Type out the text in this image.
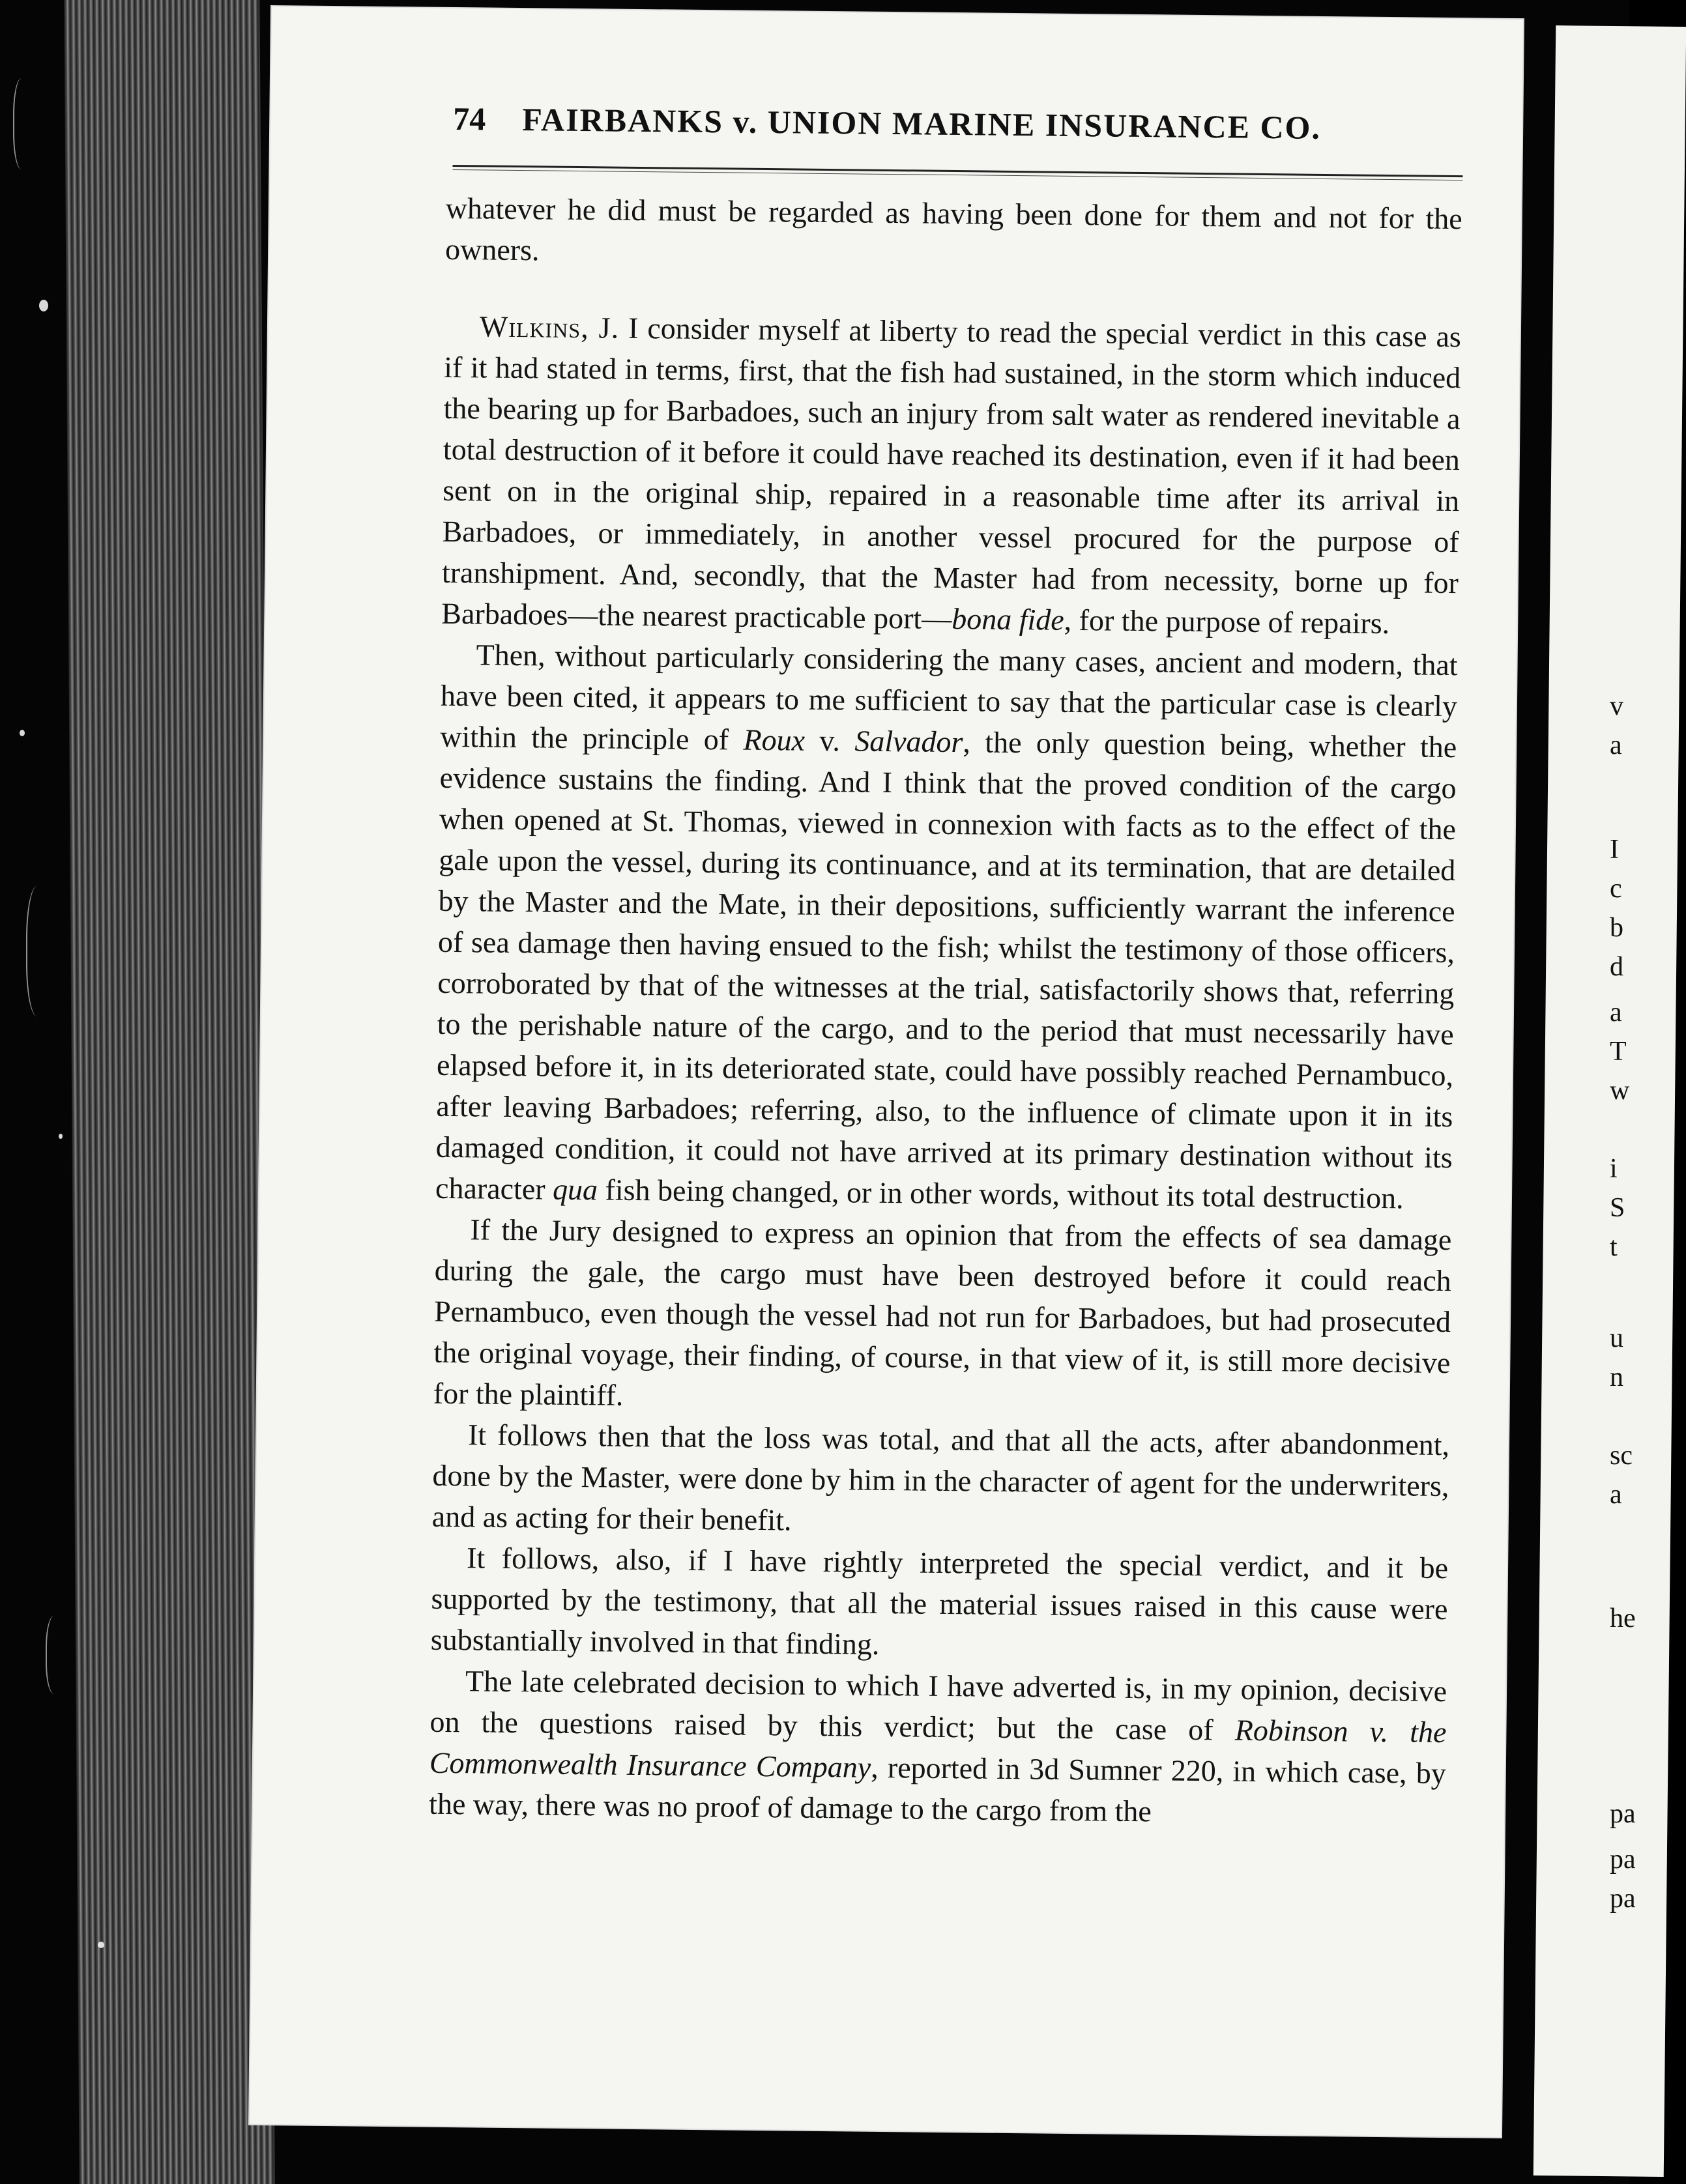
v
a
I
c
b
d
a
T
w
i
S
t
u
n
sc
a
he
pa
pa
pa
74 FAIRBANKS v. UNION MARINE INSURANCE CO.

whatever he did must be regarded as having been done for them and not for the owners.

Wilkins, J. I consider myself at liberty to read the special verdict in this case as if it had stated in terms, first, that the fish had sustained, in the storm which induced the bearing up for Barbadoes, such an injury from salt water as rendered inevitable a total destruction of it before it could have reached its destination, even if it had been sent on in the original ship, repaired in a reasonable time after its arrival in Barbadoes, or immediately, in another vessel procured for the purpose of transhipment. And, secondly, that the Master had from necessity, borne up for Barbadoes—the nearest practicable port—bona fide, for the purpose of repairs.

Then, without particularly considering the many cases, ancient and modern, that have been cited, it appears to me sufficient to say that the particular case is clearly within the principle of Roux v. Salvador, the only question being, whether the evidence sustains the finding. And I think that the proved condition of the cargo when opened at St. Thomas, viewed in connexion with facts as to the effect of the gale upon the vessel, during its continuance, and at its termination, that are detailed by the Master and the Mate, in their depositions, sufficiently warrant the inference of sea damage then having ensued to the fish; whilst the testimony of those officers, corroborated by that of the witnesses at the trial, satisfactorily shows that, referring to the perishable nature of the cargo, and to the period that must necessarily have elapsed before it, in its deteriorated state, could have possibly reached Pernambuco, after leaving Barbadoes; referring, also, to the influence of climate upon it in its damaged condition, it could not have arrived at its primary destination without its character qua fish being changed, or in other words, without its total destruction.

If the Jury designed to express an opinion that from the effects of sea damage during the gale, the cargo must have been destroyed before it could reach Pernambuco, even though the vessel had not run for Barbadoes, but had prosecuted the original voyage, their finding, of course, in that view of it, is still more decisive for the plaintiff.

It follows then that the loss was total, and that all the acts, after abandonment, done by the Master, were done by him in the character of agent for the underwriters, and as acting for their benefit.

It follows, also, if I have rightly interpreted the special verdict, and it be supported by the testimony, that all the material issues raised in this cause were substantially involved in that finding.

The late celebrated decision to which I have adverted is, in my opinion, decisive on the questions raised by this verdict; but the case of Robinson v. the Commonwealth Insurance Company, reported in 3d Sumner 220, in which case, by the way, there was no proof of damage to the cargo from the
